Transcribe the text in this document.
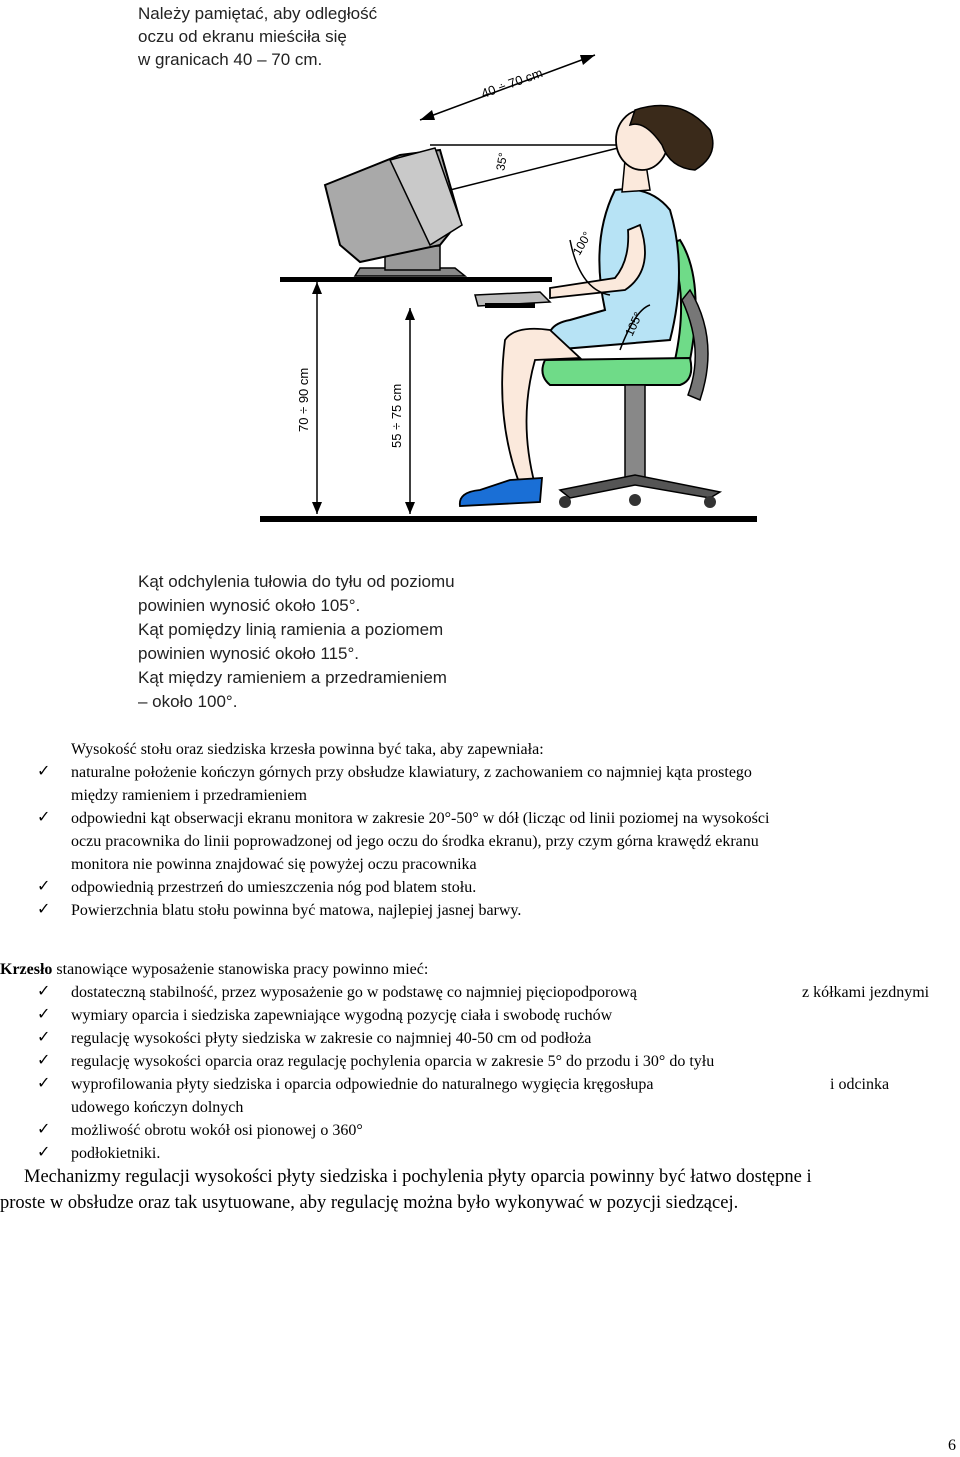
Należy pamiętać, aby odległość
oczu od ekranu mieściła się
w granicach 40 – 70 cm.
40 ÷ 70 cm
35°
70 ÷ 90 cm	55 ÷ 75 cm
100°
105°
Kąt odchylenia tułowia do tyłu od poziomu
powinien wynosić około 105°.
Kąt pomiędzy linią ramienia a poziomem
powinien wynosić około 115°.
Kąt między ramieniem a przedramieniem
– około 100°.
Wysokość stołu oraz siedziska krzesła powinna być taka, aby zapewniała:
✓ naturalne położenie kończyn górnych przy obsłudze klawiatury, z zachowaniem co najmniej kąta prostego
między ramieniem i przedramieniem
✓ odpowiedni kąt obserwacji ekranu monitora w zakresie 20°-50° w dół (licząc od linii poziomej na wysokości
oczu pracownika do linii poprowadzonej od jego oczu do środka ekranu), przy czym górna krawędź ekranu
monitora nie powinna znajdować się powyżej oczu pracownika
✓ odpowiednią przestrzeń do umieszczenia nóg pod blatem stołu.
✓ Powierzchnia blatu stołu powinna być matowa, najlepiej jasnej barwy.
Krzesło stanowiące wyposażenie stanowiska pracy powinno mieć:
✓ dostateczną stabilność, przez wyposażenie go w podstawę co najmniej pięciopodporową	z kółkami jezdnymi
✓ wymiary oparcia i siedziska zapewniające wygodną pozycję ciała i swobodę ruchów
✓ regulację wysokości płyty siedziska w zakresie co najmniej 40-50 cm od podłoża
✓ regulację wysokości oparcia oraz regulację pochylenia oparcia w zakresie 5° do przodu i 30° do tyłu
✓ wyprofilowania płyty siedziska i oparcia odpowiednie do naturalnego wygięcia kręgosłupa	i odcinka
udowego kończyn dolnych
✓ możliwość obrotu wokół osi pionowej o 360°
✓ podłokietniki.
Mechanizmy regulacji wysokości płyty siedziska i pochylenia płyty oparcia powinny być łatwo dostępne i
proste w obsłudze oraz tak usytuowane, aby regulację można było wykonywać w pozycji siedzącej.
6
